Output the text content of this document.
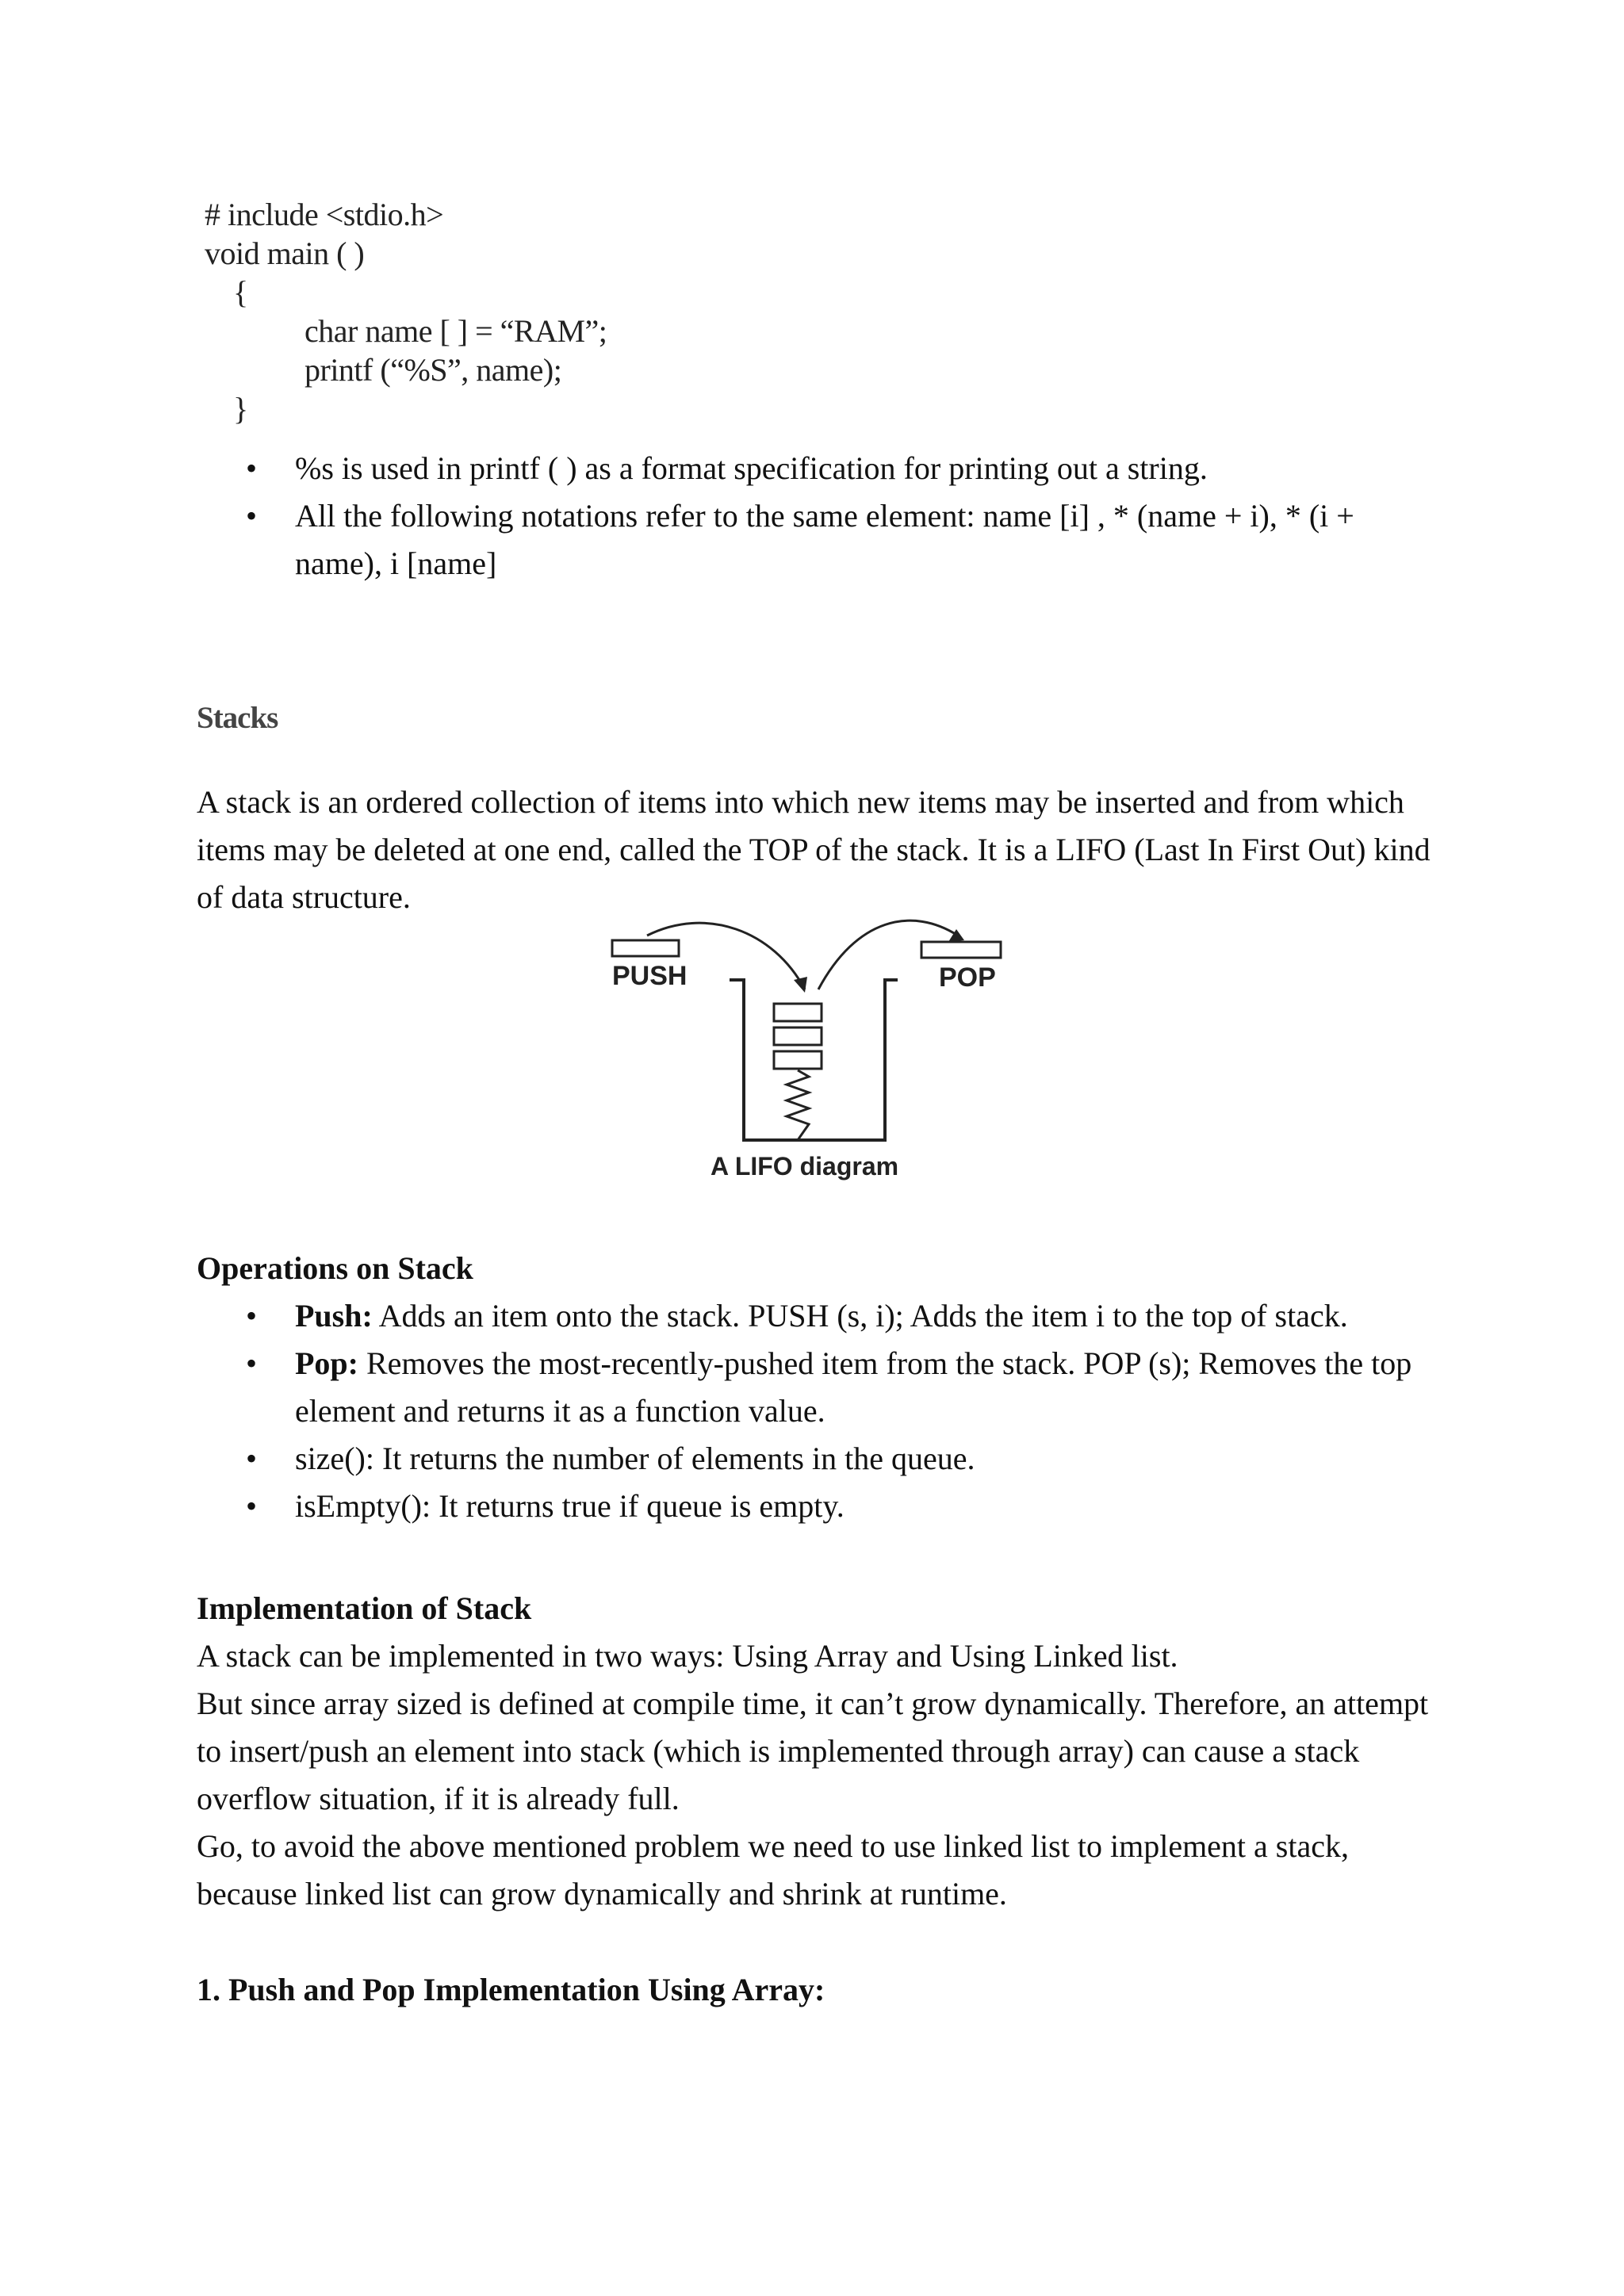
# include <stdio.h>
void main ( )
{
char name [ ] = “RAM”;
printf (“%S”, name);
}
• %s is used in printf ( ) as a format specification for printing out a string.
• All the following notations refer to the same element: name [i] , * (name + i), * (i + name), i [name]
Stacks
A stack is an ordered collection of items into which new items may be inserted and from which items may be deleted at one end, called the TOP of the stack. It is a LIFO (Last In First Out) kind of data structure.
PUSH	POP
A LIFO diagram
Operations on Stack
• Push: Adds an item onto the stack. PUSH (s, i); Adds the item i to the top of stack.
• Pop: Removes the most-recently-pushed item from the stack. POP (s); Removes the top element and returns it as a function value.
• size(): It returns the number of elements in the queue.
• isEmpty(): It returns true if queue is empty.
Implementation of Stack
A stack can be implemented in two ways: Using Array and Using Linked list.
But since array sized is defined at compile time, it can’t grow dynamically. Therefore, an attempt to insert/push an element into stack (which is implemented through array) can cause a stack overflow situation, if it is already full.
Go, to avoid the above mentioned problem we need to use linked list to implement a stack, because linked list can grow dynamically and shrink at runtime.
1. Push and Pop Implementation Using Array:
